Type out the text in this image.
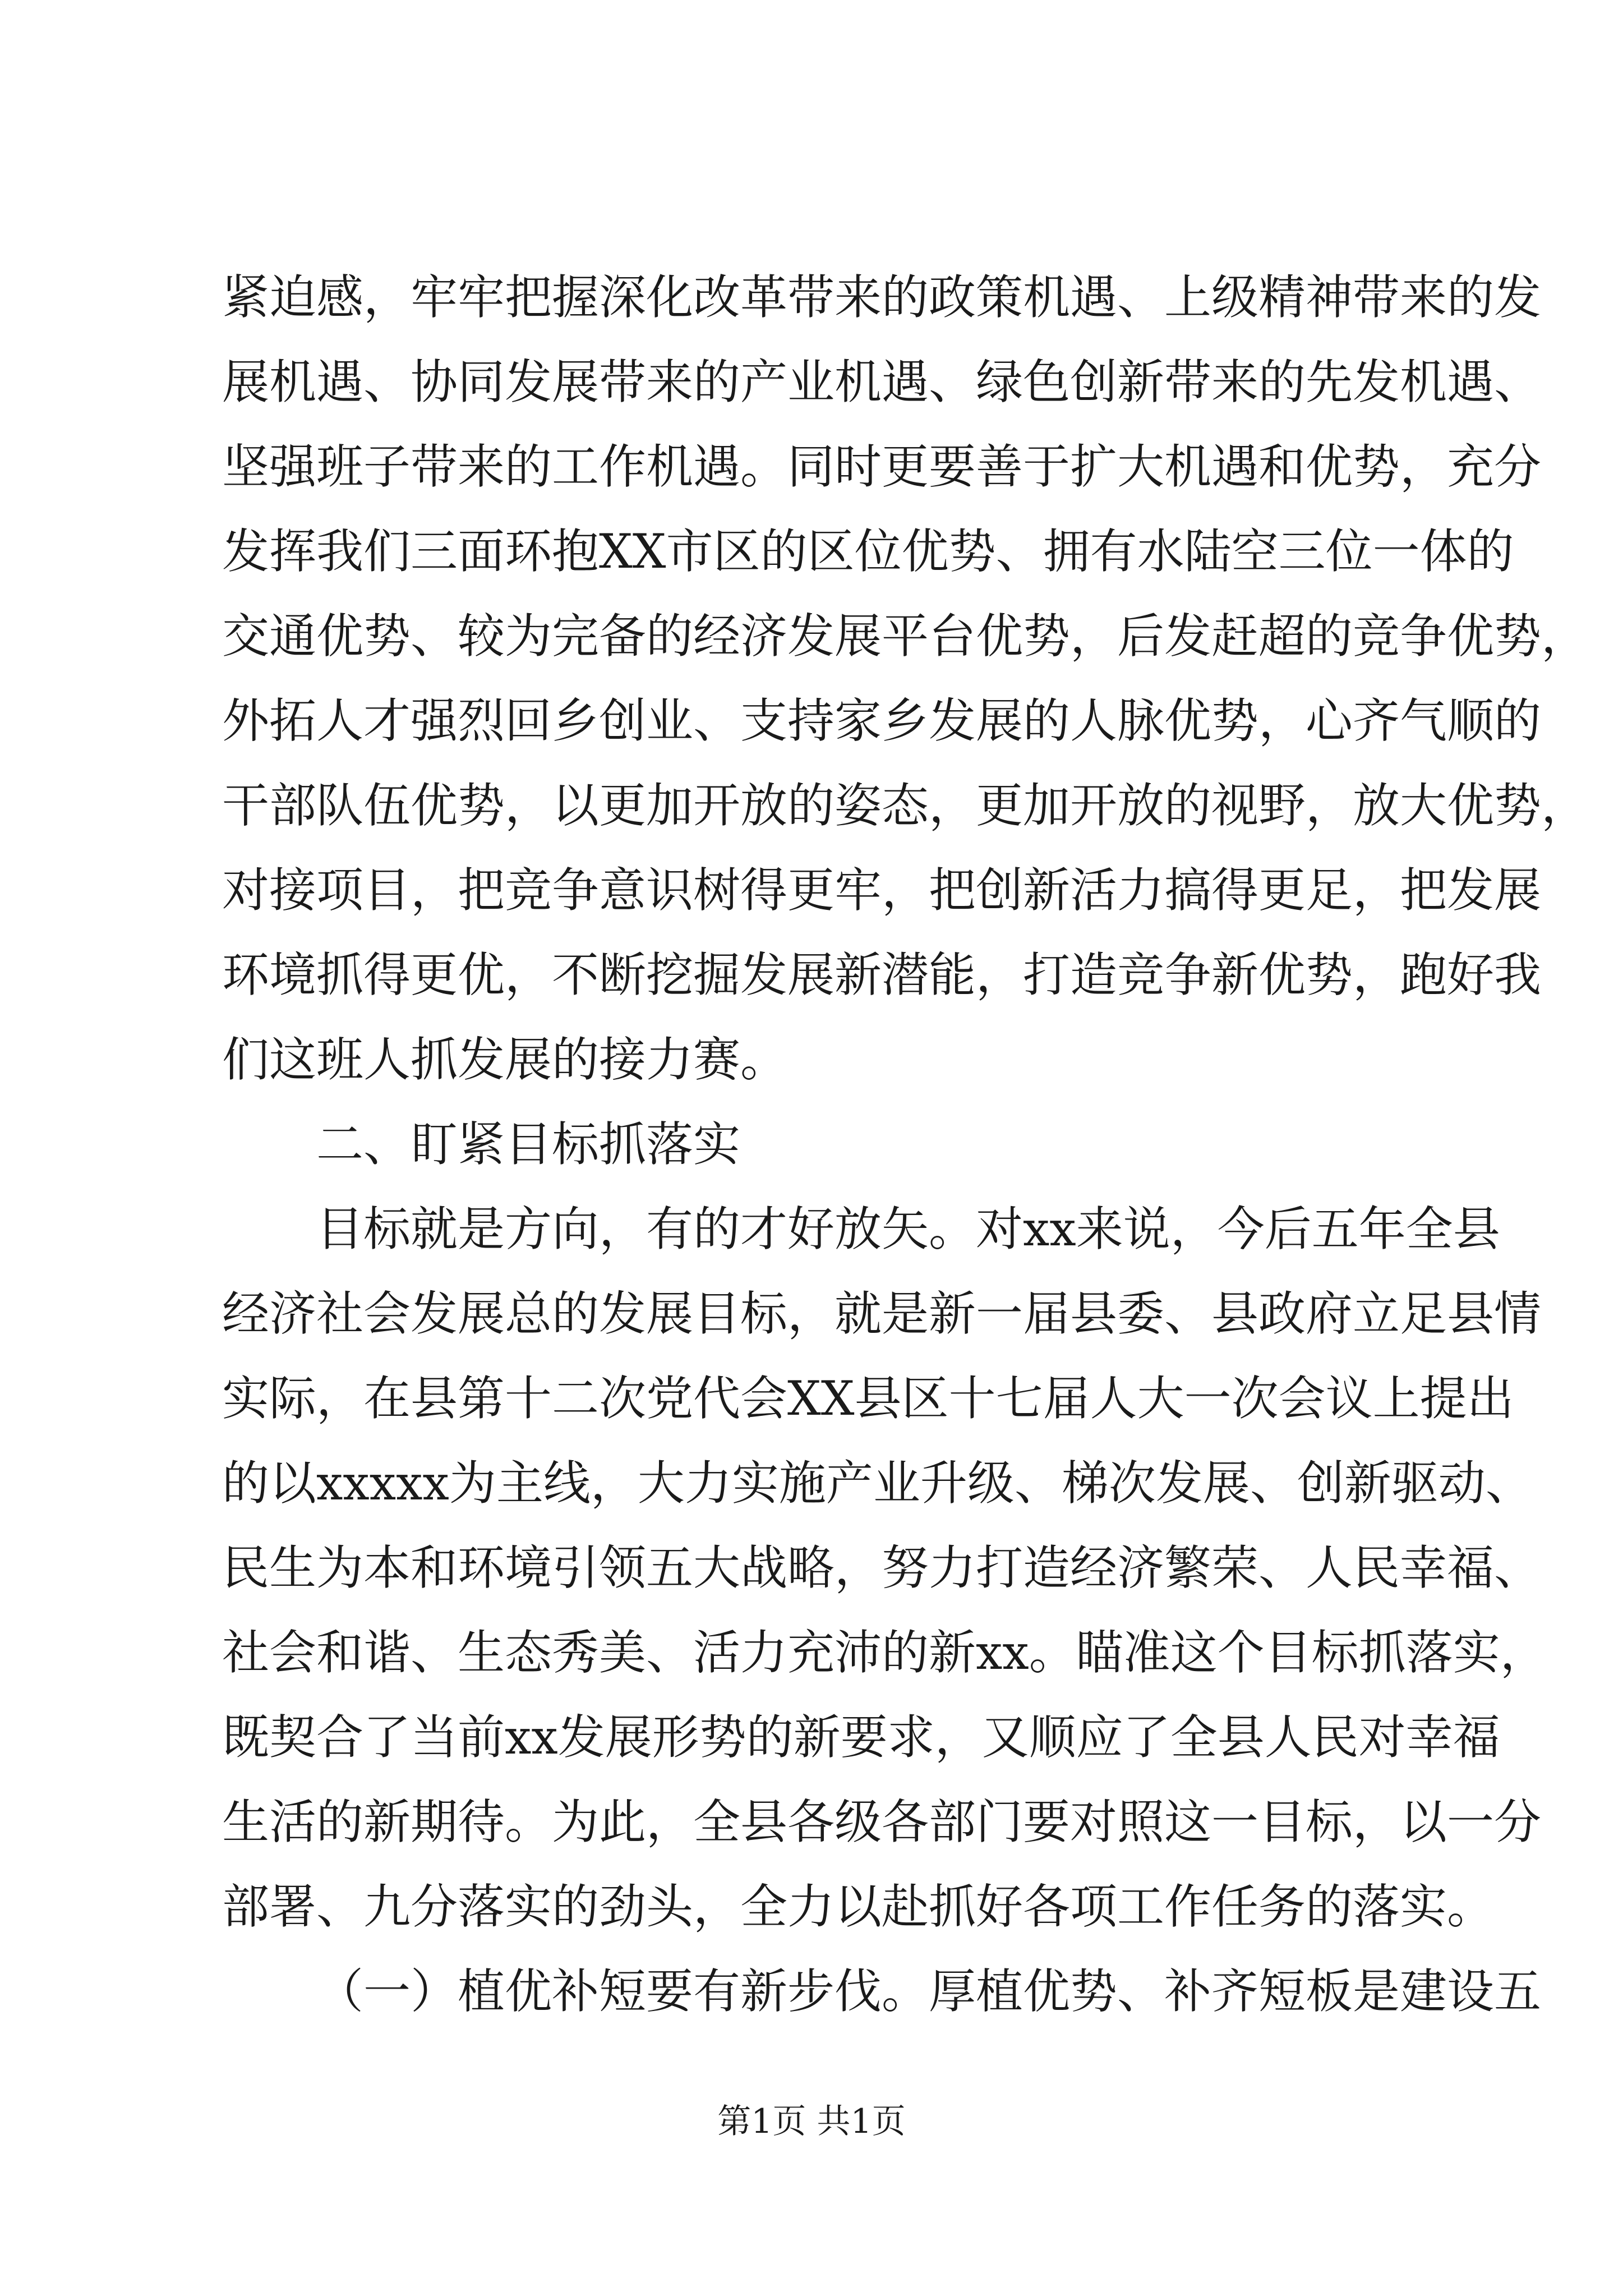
紧迫感，牢牢把握深化改革带来的政策机遇、上级精神带来的发
展机遇、协同发展带来的产业机遇、绿色创新带来的先发机遇、
坚强班子带来的工作机遇。同时更要善于扩大机遇和优势，充分
发挥我们三面环抱XX市区的区位优势、拥有水陆空三位一体的
交通优势、较为完备的经济发展平台优势，后发赶超的竞争优势，
外拓人才强烈回乡创业、支持家乡发展的人脉优势，心齐气顺的
干部队伍优势，以更加开放的姿态，更加开放的视野，放大优势，
对接项目，把竞争意识树得更牢，把创新活力搞得更足，把发展
环境抓得更优，不断挖掘发展新潜能，打造竞争新优势，跑好我
们这班人抓发展的接力赛。
二、盯紧目标抓落实
目标就是方向，有的才好放矢。对xx来说，今后五年全县
经济社会发展总的发展目标，就是新一届县委、县政府立足县情
实际，在县第十二次党代会XX县区十七届人大一次会议上提出
的以xxxxx为主线，大力实施产业升级、梯次发展、创新驱动、
民生为本和环境引领五大战略，努力打造经济繁荣、人民幸福、
社会和谐、生态秀美、活力充沛的新xx。瞄准这个目标抓落实，
既契合了当前xx发展形势的新要求，又顺应了全县人民对幸福
生活的新期待。为此，全县各级各部门要对照这一目标，以一分
部署、九分落实的劲头，全力以赴抓好各项工作任务的落实。
（一）植优补短要有新步伐。厚植优势、补齐短板是建设五
第1页 共1页
